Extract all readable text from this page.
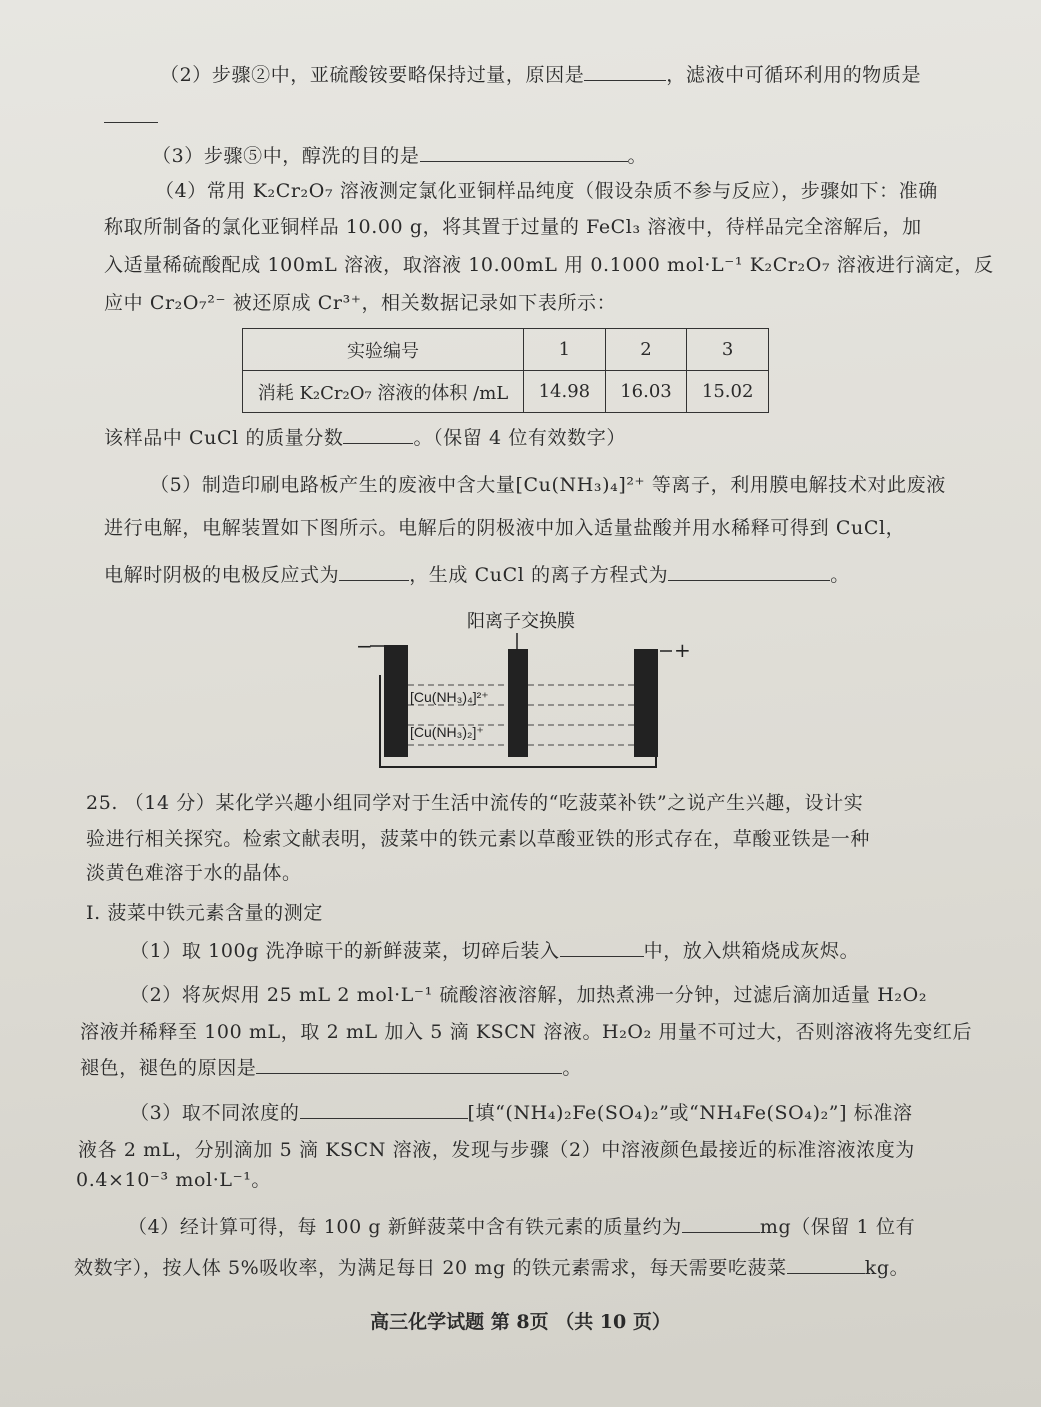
（2）步骤②中，亚硫酸铵要略保持过量，原因是	，滤液中可循环利用的物质是
（3）步骤⑤中，醇洗的目的是	。
（4）常用 K₂Cr₂O₇ 溶液测定氯化亚铜样品纯度（假设杂质不参与反应），步骤如下：准确
称取所制备的氯化亚铜样品 10.00 g，将其置于过量的 FeCl₃ 溶液中，待样品完全溶解后，加
入适量稀硫酸配成 100mL 溶液，取溶液 10.00mL 用 0.1000 mol·L⁻¹ K₂Cr₂O₇ 溶液进行滴定，反
应中 Cr₂O₇²⁻ 被还原成 Cr³⁺，相关数据记录如下表所示：
实验编号	1	2	3
消耗 K₂Cr₂O₇ 溶液的体积 /mL	14.98	16.03	15.02
该样品中 CuCl 的质量分数	。（保留 4 位有效数字）
（5）制造印刷电路板产生的废液中含大量[Cu(NH₃)₄]²⁺ 等离子，利用膜电解技术对此废液
进行电解，电解装置如下图所示。电解后的阴极液中加入适量盐酸并用水稀释可得到 CuCl，
电解时阴极的电极反应式为	，生成 CuCl 的离子方程式为	。
阳离子交换膜
−	+
[Cu(NH₃)₄]²⁺
[Cu(NH₃)₂]⁺
25. （14 分）某化学兴趣小组同学对于生活中流传的“吃菠菜补铁”之说产生兴趣，设计实
验进行相关探究。检索文献表明，菠菜中的铁元素以草酸亚铁的形式存在，草酸亚铁是一种
淡黄色难溶于水的晶体。
I. 菠菜中铁元素含量的测定
（1）取 100g 洗净晾干的新鲜菠菜，切碎后装入	中，放入烘箱烧成灰烬。
（2）将灰烬用 25 mL 2 mol·L⁻¹ 硫酸溶液溶解，加热煮沸一分钟，过滤后滴加适量 H₂O₂
溶液并稀释至 100 mL，取 2 mL 加入 5 滴 KSCN 溶液。H₂O₂ 用量不可过大，否则溶液将先变红后
褪色，褪色的原因是	。
（3）取不同浓度的	[填“(NH₄)₂Fe(SO₄)₂”或“NH₄Fe(SO₄)₂”] 标准溶
液各 2 mL，分别滴加 5 滴 KSCN 溶液，发现与步骤（2）中溶液颜色最接近的标准溶液浓度为
0.4×10⁻³ mol·L⁻¹。
（4）经计算可得，每 100 g 新鲜菠菜中含有铁元素的质量约为	mg（保留 1 位有
效数字），按人体 5%吸收率，为满足每日 20 mg 的铁元素需求，每天需要吃菠菜	kg。
高三化学试题 第 8页 （共 10 页）
